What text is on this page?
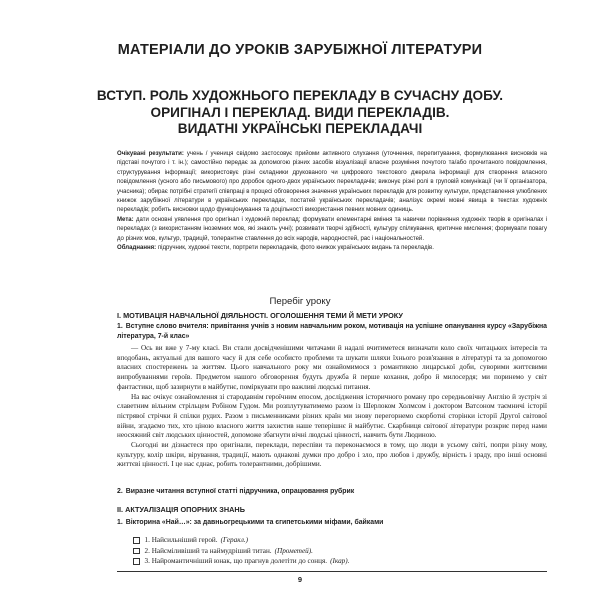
МАТЕРІАЛИ ДО УРОКІВ ЗАРУБІЖНОЇ ЛІТЕРАТУРИ
ВСТУП. РОЛЬ ХУДОЖНЬОГО ПЕРЕКЛАДУ В СУЧАСНУ ДОБУ.
ОРИГІНАЛ І ПЕРЕКЛАД. ВИДИ ПЕРЕКЛАДІВ.
ВИДАТНІ УКРАЇНСЬКІ ПЕРЕКЛАДАЧІ

Очікувані результати: учень / учениця свідомо застосовує прийоми активного слухання (уточнення, перепитування, формулювання висновків на підставі почутого і т. ін.); самостійно передає за допомогою різних засобів візуалізації власне розуміння почутого та/або прочитаного повідомлення, структурування інформації; використовує різні складники друкованого чи цифрового текстового джерела інформації для створення власного повідомлення (усного або письмового) про доробок одного-двох українських перекладачів; виконує різні ролі в груповій комунікації (чи її організатора, учасника); обирає потрібні стратегії співпраці в процесі обговорення значення українських перекладів для розвитку культури, представлення улюблених книжок зарубіжної літератури в українських перекладах, постатей українських перекладачів; аналізує окремі мовні явища в текстах художніх перекладів; робить висновки щодо функціонування та доцільності використання певних мовних одиниць.

Мета: дати основні уявлення про оригінал і художній переклад; формувати елементарні вміння та навички порівняння художніх творів в оригіналах і перекладах (з використанням іноземних мов, які знають учні); розвивати творчі здібності, культуру спілкування, критичне мислення; формувати повагу до різних мов, культур, традицій, толерантне ставлення до всіх народів, народностей, рас і національностей.

Обладнання: підручник, художні тексти, портрети перекладачів, фото книжок українських видань та перекладів.

Перебіг уроку
І. МОТИВАЦІЯ НАВЧАЛЬНОЇ ДІЯЛЬНОСТІ. ОГОЛОШЕННЯ ТЕМИ Й МЕТИ УРОКУ
1. Вступне слово вчителя: привітання учнів з новим навчальним роком, мотивація на успішне опанування курсу «Зарубіжна література, 7-й клас»

— Ось ви вже у 7-му класі. Ви стали досвідченішими читачами й надалі вчитиметеся визначати коло своїх читацьких інтересів та вподобань, актуальні для вашого часу й для себе особисто проблеми та шукати шляхи їхнього розв'язання в літературі та за допомогою власних спостережень за життям. Цього навчального року ми ознайомимося з романтикою лицарської доби, суворими життєвими випробуваннями героїв. Предметом нашого обговорення будуть дружба й перше кохання, добро й милосердя; ми поринемо у світ фантастики, щоб зазирнути в майбутнє, поміркувати про важливі людські питання.

На вас очікує ознайомлення зі стародавнім героїчним епосом, дослідження історичного роману про середньовічну Англію й зустріч зі славетним вільним стрільцем Робіном Гудом. Ми розплутуватимемо разом із Шерлоком Холмсом і доктором Ватсоном таємничі історії пістрявої стрічки й спілки рудих. Разом з письменниками різних країн ми знову перегорнемо скорботні сторінки історії Другої світової війни, згадаємо тих, хто ціною власного життя захистив наше теперішнє й майбутнє. Скарбниця світової літератури розкриє перед нами неосяжний світ людських цінностей, допоможе збагнути вічні людські цінності, навчить бути Людиною.

Сьогодні ви дізнаєтеся про оригінали, переклади, переспіви та переконаємося в тому, що люди в усьому світі, попри різну мову, культуру, колір шкіри, вірування, традиції, мають однакові думки про добро і зло, про любов і дружбу, вірність і зраду, про інші основні життєві цінності. І це нас єднає, робить толерантними, добрішими.

2. Виразне читання вступної статті підручника, опрацювання рубрик
ІІ. АКТУАЛІЗАЦІЯ ОПОРНИХ ЗНАНЬ
1. Вікторина «Най…»: за давньогрецькими та єгипетськими міфами, байками
1. Найсильніший герой. (Геракл.)
2. Найсміливіший та наймудріший титан. (Прометей).
3. Найромантичніший юнак, що прагнув долетіти до сонця. (Ікар).
9
